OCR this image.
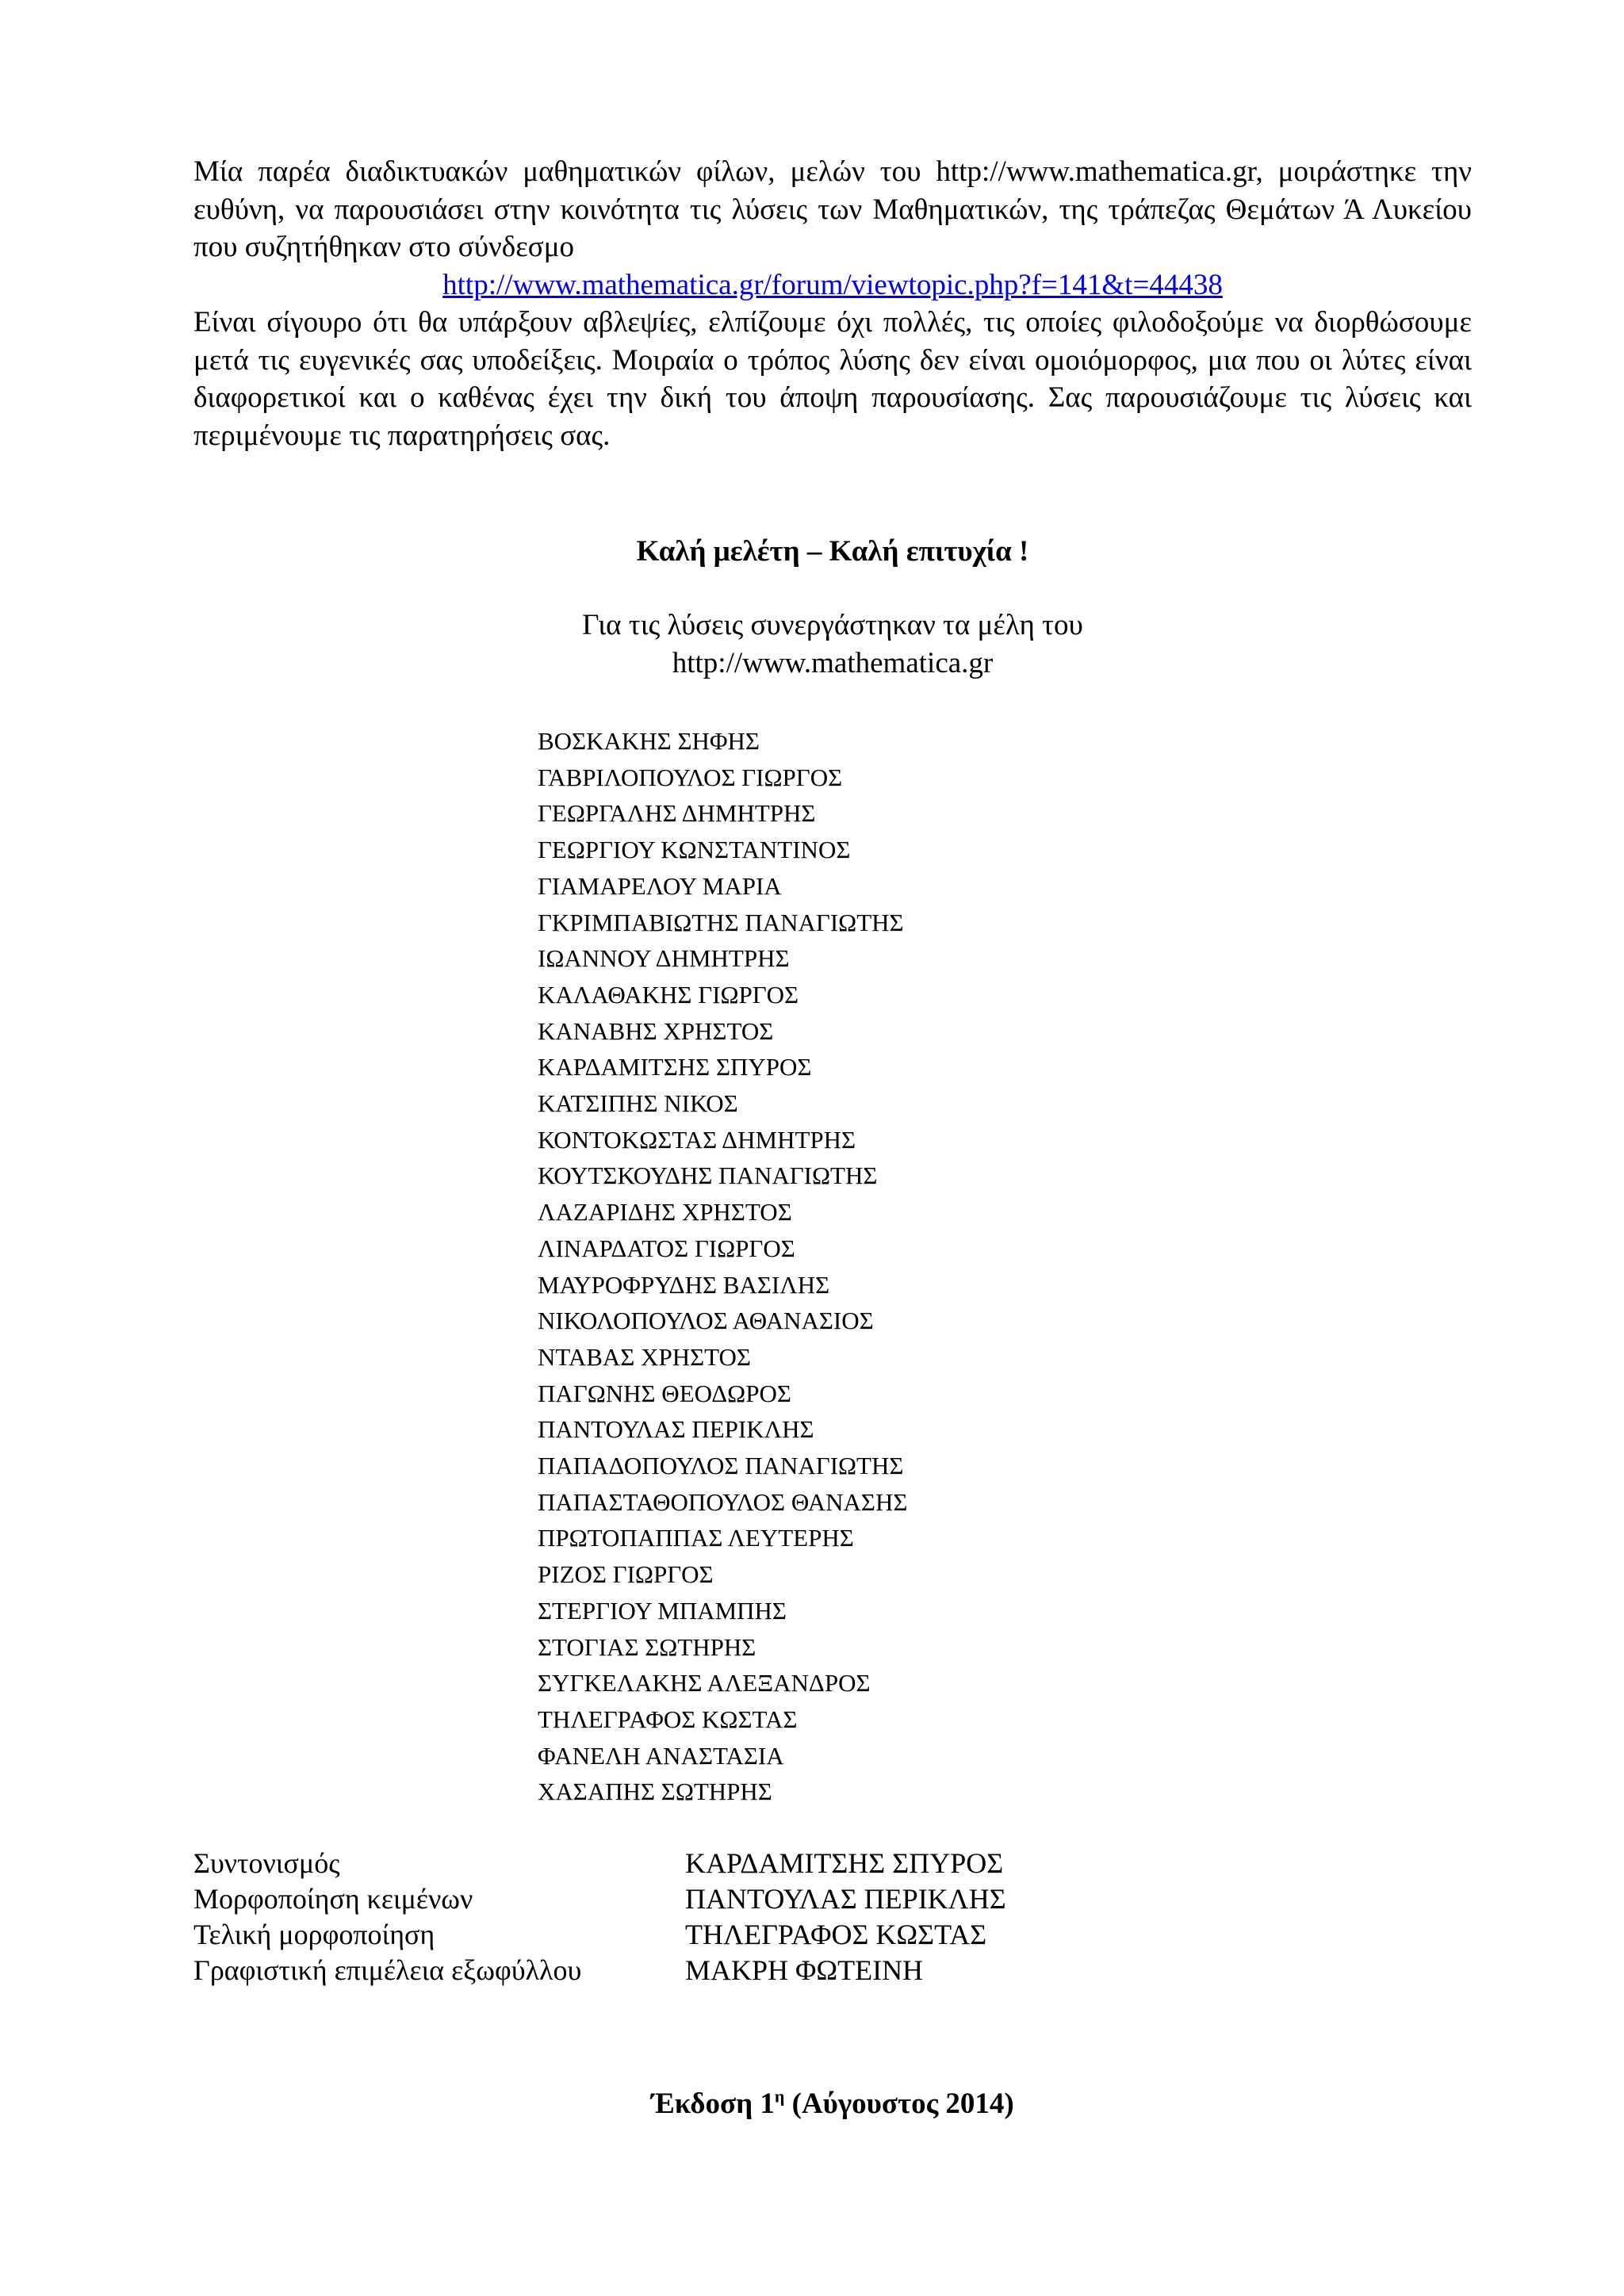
Μία παρέα διαδικτυακών μαθηματικών φίλων, μελών του http://www.mathematica.gr, μοιράστηκε την ευθύνη, να παρουσιάσει στην κοινότητα τις λύσεις των Μαθηματικών, της τράπεζας Θεμάτων Ά Λυκείου που συζητήθηκαν στο σύνδεσμο

http://www.mathematica.gr/forum/viewtopic.php?f=141&t=44438

Είναι σίγουρο ότι θα υπάρξουν αβλεψίες, ελπίζουμε όχι πολλές, τις οποίες φιλοδοξούμε να διορθώσουμε μετά τις ευγενικές σας υποδείξεις. Μοιραία ο τρόπος λύσης δεν είναι ομοιόμορφος, μια που οι λύτες είναι διαφορετικοί και ο καθένας έχει την δική του άποψη παρουσίασης. Σας παρουσιάζουμε τις λύσεις και περιμένουμε τις παρατηρήσεις σας.

Καλή μελέτη – Καλή επιτυχία !
Για τις λύσεις συνεργάστηκαν τα μέλη του
http://www.mathematica.gr
ΒΟΣΚΑΚΗΣ ΣΗΦΗΣ
ΓΑΒΡΙΛΟΠΟΥΛΟΣ ΓΙΩΡΓΟΣ
ΓΕΩΡΓΑΛΗΣ ΔΗΜΗΤΡΗΣ
ΓΕΩΡΓΙΟΥ ΚΩΝΣΤΑΝΤΙΝΟΣ
ΓΙΑΜΑΡΕΛΟΥ ΜΑΡΙΑ
ΓΚΡΙΜΠΑΒΙΩΤΗΣ ΠΑΝΑΓΙΩΤΗΣ
ΙΩΑΝΝΟΥ ΔΗΜΗΤΡΗΣ
ΚΑΛΑΘΑΚΗΣ ΓΙΩΡΓΟΣ
ΚΑΝΑΒΗΣ ΧΡΗΣΤΟΣ
ΚΑΡΔΑΜΙΤΣΗΣ ΣΠΥΡΟΣ
ΚΑΤΣΙΠΗΣ ΝΙΚΟΣ
ΚΟΝΤΟΚΩΣΤΑΣ ΔΗΜΗΤΡΗΣ
ΚΟΥΤΣΚΟΥΔΗΣ ΠΑΝΑΓΙΩΤΗΣ
ΛΑΖΑΡΙΔΗΣ ΧΡΗΣΤΟΣ
ΛΙΝΑΡΔΑΤΟΣ ΓΙΩΡΓΟΣ
ΜΑΥΡΟΦΡΥΔΗΣ ΒΑΣΙΛΗΣ
ΝΙΚΟΛΟΠΟΥΛΟΣ ΑΘΑΝΑΣΙΟΣ
ΝΤΑΒΑΣ ΧΡΗΣΤΟΣ
ΠΑΓΩΝΗΣ ΘΕΟΔΩΡΟΣ
ΠΑΝΤΟΥΛΑΣ ΠΕΡΙΚΛΗΣ
ΠΑΠΑΔΟΠΟΥΛΟΣ ΠΑΝΑΓΙΩΤΗΣ
ΠΑΠΑΣΤΑΘΟΠΟΥΛΟΣ ΘΑΝΑΣΗΣ
ΠΡΩΤΟΠΑΠΠΑΣ ΛΕΥΤΕΡΗΣ
ΡΙΖΟΣ ΓΙΩΡΓΟΣ
ΣΤΕΡΓΙΟΥ ΜΠΑΜΠΗΣ
ΣΤΟΓΙΑΣ ΣΩΤΗΡΗΣ
ΣΥΓΚΕΛΑΚΗΣ ΑΛΕΞΑΝΔΡΟΣ
ΤΗΛΕΓΡΑΦΟΣ ΚΩΣΤΑΣ
ΦΑΝΕΛΗ ΑΝΑΣΤΑΣΙΑ
ΧΑΣΑΠΗΣ ΣΩΤΗΡΗΣ
Συντονισμός	ΚΑΡΔΑΜΙΤΣΗΣ ΣΠΥΡΟΣ
Μορφοποίηση κειμένων	ΠΑΝΤΟΥΛΑΣ ΠΕΡΙΚΛΗΣ
Τελική μορφοποίηση	ΤΗΛΕΓΡΑΦΟΣ ΚΩΣΤΑΣ
Γραφιστική επιμέλεια εξωφύλλου	ΜΑΚΡΗ ΦΩΤΕΙΝΗ
Έκδοση $1^\eta$ (Αύγουστος 2014)
